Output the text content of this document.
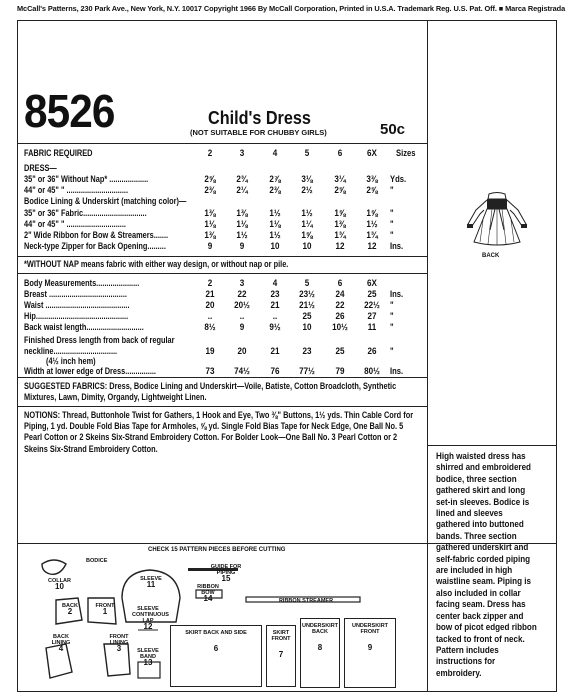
McCall's Patterns, 230 Park Ave., New York, N.Y. 10017 Copyright 1966 By McCall Corporation, Printed in U.S.A. Trademark Reg. U.S. Pat. Off. ■ Marca Registrada
8526	Child's Dress
(NOT SUITABLE FOR CHUBBY GIRLS)	50c
FABRIC REQUIRED	2	3	4	5	6	6X	Sizes
DRESS—
35" or 36" Without Nap* ...................	2⅝	2¾	2⅞	3⅛	3¼	3⅜	Yds.
44" or 45" " ..............................	2⅜	2¼	2⅜	2½	2⅝	2⅝	"
Bodice Lining & Underskirt (matching color)—
35" or 36" Fabric...............................	1⅜	1⅜	1½	1½	1⅝	1⅝	"
44" or 45" " .............................	1⅛	1⅛	1⅛	1¼	1⅜	1½	"
2" Wide Ribbon for Bow & Streamers.......	1⅜	1½	1½	1⅝	1¾	1¾	"
Neck-type Zipper for Back Opening.........	9	9	10	10	12	12	Ins.
Body Measurements.....................	2	3	4	5	6	6X
Breast ......................................	21	22	23	23½	24	25	Ins.
Waist .........................................	20	20½	21	21½	22	22½	"
Hip.............................................	..	..	..	25	26	27	"
Back waist length............................	8½	9	9½	10	10½	11	"
Finished Dress length from back of regular
neckline...............................	19	20	21	23	25	26	"
(4½ inch hem)
Width at lower edge of Dress...............	73	74½	76	77½	79	80½	Ins.
*WITHOUT NAP means fabric with either way design, or without nap or pile.
SUGGESTED FABRICS: Dress, Bodice Lining and Underskirt—Voile, Batiste, Cotton Broadcloth, Synthetic Mixtures, Lawn, Dimity, Organdy, Lightweight Linen.
NOTIONS: Thread, Buttonhole Twist for Gathers, 1 Hook and Eye, Two ⅜" Buttons, 1½ yds. Thin Cable Cord for Piping, 1 yd. Double Fold Bias Tape for Armholes, ⅝ yd. Single Fold Bias Tape for Neck Edge, One Ball No. 5 Pearl Cotton or 2 Skeins Six-Strand Embroidery Cotton. For Bolder Look—One Ball No. 3 Pearl Cotton or 2 Skeins Six-Strand Embroidery Cotton.
BACK
High waisted dress has shirred and embroidered bodice, three section gathered skirt and long set-in sleeves. Bodice is lined and sleeves gathered into buttoned bands. Three section gathered underskirt and self-fabric corded piping are included in high waistline seam. Piping is also included in collar facing seam. Dress has center back zipper and bow of picot edged ribbon tacked to front of neck. Pattern includes instructions for embroidery.
CHECK 15 PATTERN PIECES BEFORE CUTTING
BODICE
COLLAR
10
SLEEVE
11
GUIDE FOR PIPING
15
RIBBON BOW
14	RIBBON STREAMER
BACK
2
FRONT
1	SLEEVE CONTINUOUS LAP
12
SLEEVE BAND
13
BACK LINING
4
FRONT LINING
3
SKIRT BACK AND SIDE
6
SKIRT FRONT
7
UNDERSKIRT BACK
8
UNDERSKIRT FRONT
9
